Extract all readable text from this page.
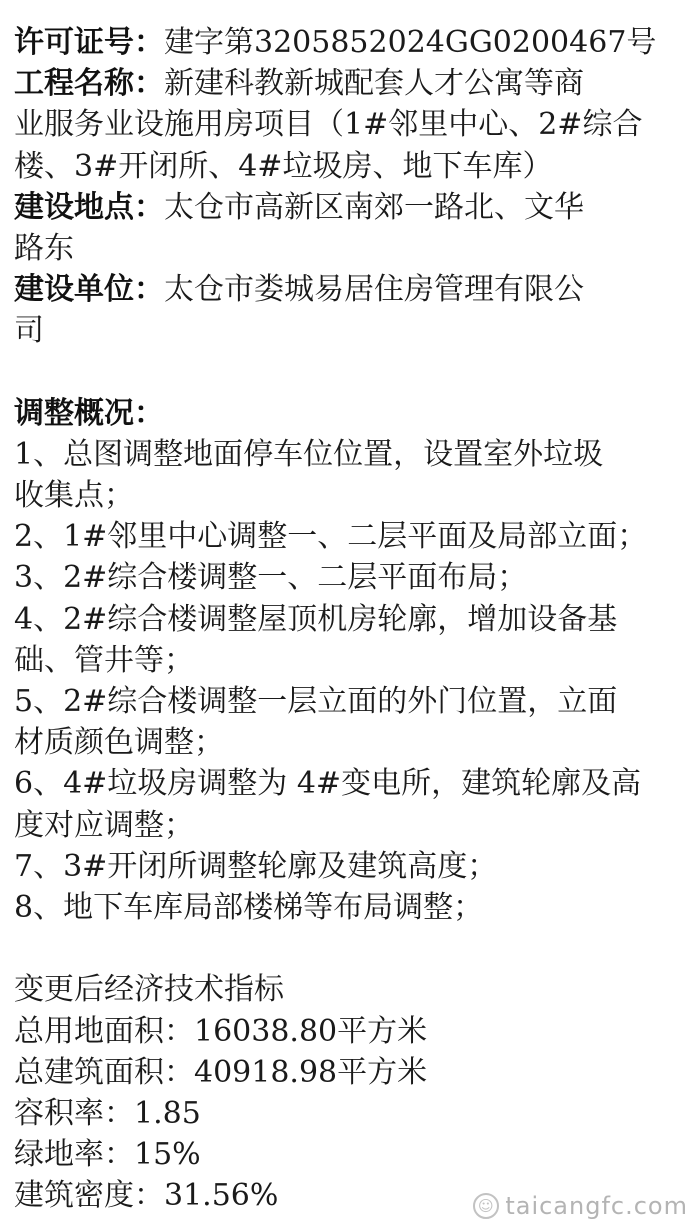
许可证号：建字第3205852024GG0200467号
工程名称：新建科教新城配套人才公寓等商
业服务业设施用房项目（1#邻里中心、2#综合
楼、3#开闭所、4#垃圾房、地下车库）
建设地点：太仓市高新区南郊一路北、文华
路东
建设单位：太仓市娄城易居住房管理有限公
司
调整概况：
1、总图调整地面停车位位置，设置室外垃圾
收集点；
2、1#邻里中心调整一、二层平面及局部立面；
3、2#综合楼调整一、二层平面布局；
4、2#综合楼调整屋顶机房轮廓，增加设备基
础、管井等；
5、2#综合楼调整一层立面的外门位置，立面
材质颜色调整；
6、4#垃圾房调整为 4#变电所，建筑轮廓及高
度对应调整；
7、3#开闭所调整轮廓及建筑高度；
8、地下车库局部楼梯等布局调整；
变更后经济技术指标
总用地面积：16038.80平方米
总建筑面积：40918.98平方米
容积率：1.85
绿地率：15%
建筑密度：31.56%	☺ taicangfc.com
